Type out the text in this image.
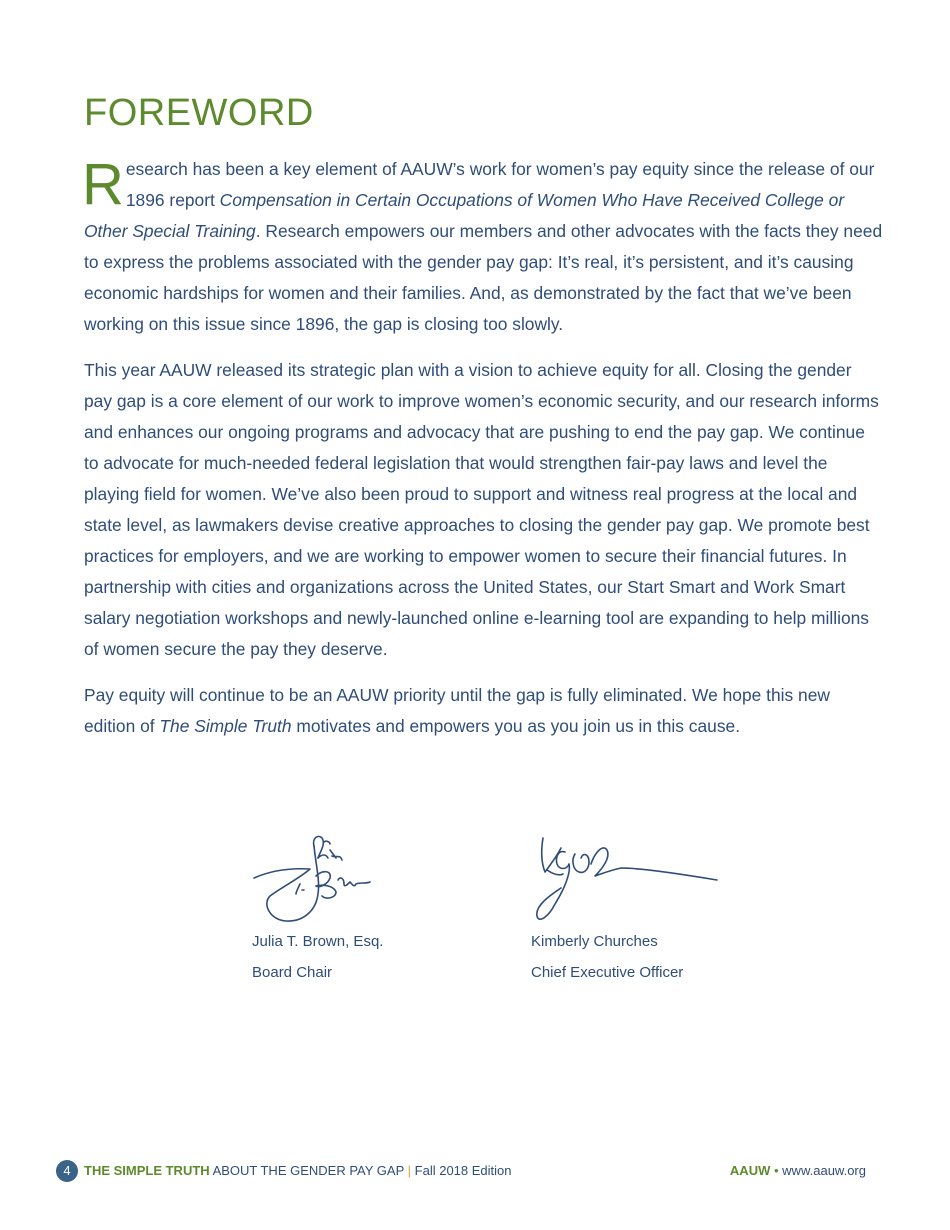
FOREWORD

Research has been a key element of AAUW’s work for women’s pay equity since the release of our 1896 report Compensation in Certain Occupations of Women Who Have Received College or Other Special Training. Research empowers our members and other advocates with the facts they need to express the problems associated with the gender pay gap: It’s real, it’s persistent, and it’s causing economic hardships for women and their families. And, as demonstrated by the fact that we’ve been working on this issue since 1896, the gap is closing too slowly.

This year AAUW released its strategic plan with a vision to achieve equity for all. Closing the gender pay gap is a core element of our work to improve women’s economic security, and our research informs and enhances our ongoing programs and advocacy that are pushing to end the pay gap. We continue to advocate for much-needed federal legislation that would strengthen fair-pay laws and level the playing field for women. We’ve also been proud to support and witness real progress at the local and state level, as lawmakers devise creative approaches to closing the gender pay gap. We promote best practices for employers, and we are working to empower women to secure their financial futures. In partnership with cities and organizations across the United States, our Start Smart and Work Smart salary negotiation workshops and newly-launched online e-learning tool are expanding to help millions of women secure the pay they deserve.

Pay equity will continue to be an AAUW priority until the gap is fully eliminated. We hope this new edition of The Simple Truth motivates and empowers you as you join us in this cause.

Julia T. Brown, Esq.
Board Chair
Kimberly Churches
Chief Executive Officer
4	THE SIMPLE TRUTH ABOUT THE GENDER PAY GAP | Fall 2018 Edition	AAUW • www.aauw.org
